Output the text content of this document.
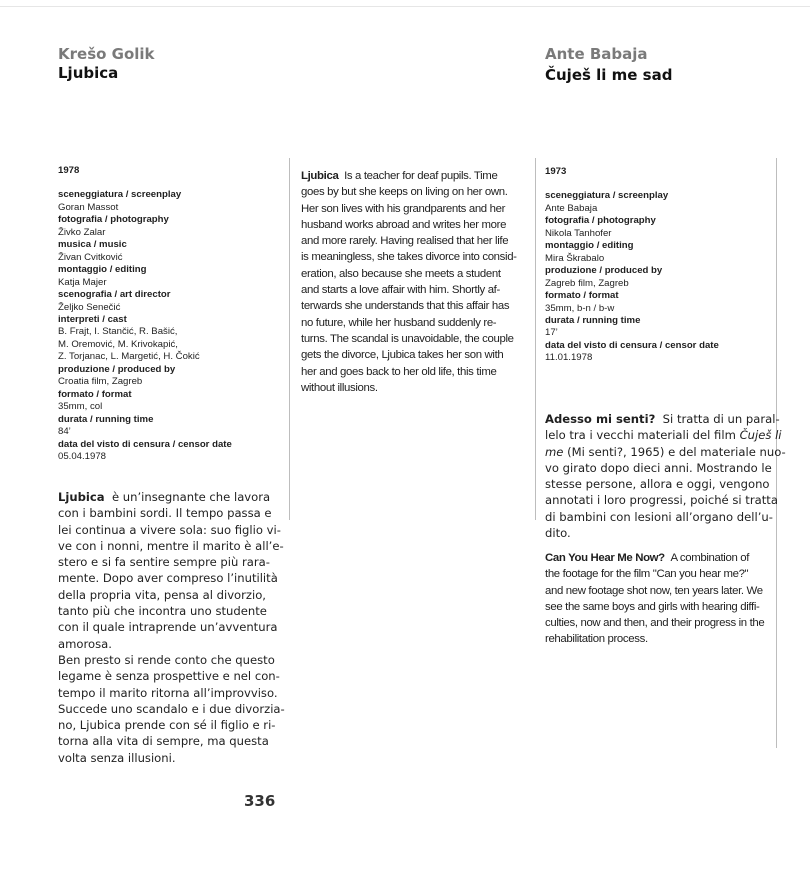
Krešo Golik
Ljubica
Ante Babaja
Čuješ li me sad
1978
sceneggiatura / screenplay
Goran Massot
fotografia / photography
Živko Zalar
musica / music
Živan Cvitković
montaggio / editing
Katja Majer
scenografia / art director
Željko Senečić
interpreti / cast
B. Frajt, I. Stančić, R. Bašić,
M. Oremović, M. Krivokapić,
Z. Torjanac, L. Margetić, H. Čokić
produzione / produced by
Croatia film, Zagreb
formato / format
35mm, col
durata / running time
84’
data del visto di censura / censor date
05.04.1978
1973
sceneggiatura / screenplay
Ante Babaja
fotografia / photography
Nikola Tanhofer
montaggio / editing
Mira Škrabalo
produzione / produced by
Zagreb film, Zagreb
formato / format
35mm, b-n / b-w
durata / running time
17’
data del visto di censura / censor date
11.01.1978
Ljubica è un’insegnante che lavora
con i bambini sordi. Il tempo passa e
lei continua a vivere sola: suo figlio vi-
ve con i nonni, mentre il marito è all’e-
stero e si fa sentire sempre più rara-
mente. Dopo aver compreso l’inutilità
della propria vita, pensa al divorzio,
tanto più che incontra uno studente
con il quale intraprende un’avventura
amorosa.
Ben presto si rende conto che questo
legame è senza prospettive e nel con-
tempo il marito ritorna all’improvviso.
Succede uno scandalo e i due divorzia-
no, Ljubica prende con sé il figlio e ri-
torna alla vita di sempre, ma questa
volta senza illusioni.
Ljubica Is a teacher for deaf pupils. Time
goes by but she keeps on living on her own.
Her son lives with his grandparents and her
husband works abroad and writes her more
and more rarely. Having realised that her life
is meaningless, she takes divorce into consid-
eration, also because she meets a student
and starts a love affair with him. Shortly af-
terwards she understands that this affair has
no future, while her husband suddenly re-
turns. The scandal is unavoidable, the couple
gets the divorce, Ljubica takes her son with
her and goes back to her old life, this time
without illusions.
Adesso mi senti? Si tratta di un paral-
lelo tra i vecchi materiali del film Čuješ li
me (Mi senti?, 1965) e del materiale nuo-
vo girato dopo dieci anni. Mostrando le
stesse persone, allora e oggi, vengono
annotati i loro progressi, poiché si tratta
di bambini con lesioni all’organo dell’u-
dito.
Can You Hear Me Now? A combination of
the footage for the film "Can you hear me?"
and new footage shot now, ten years later. We
see the same boys and girls with hearing diffi-
culties, now and then, and their progress in the
rehabilitation process.
336
